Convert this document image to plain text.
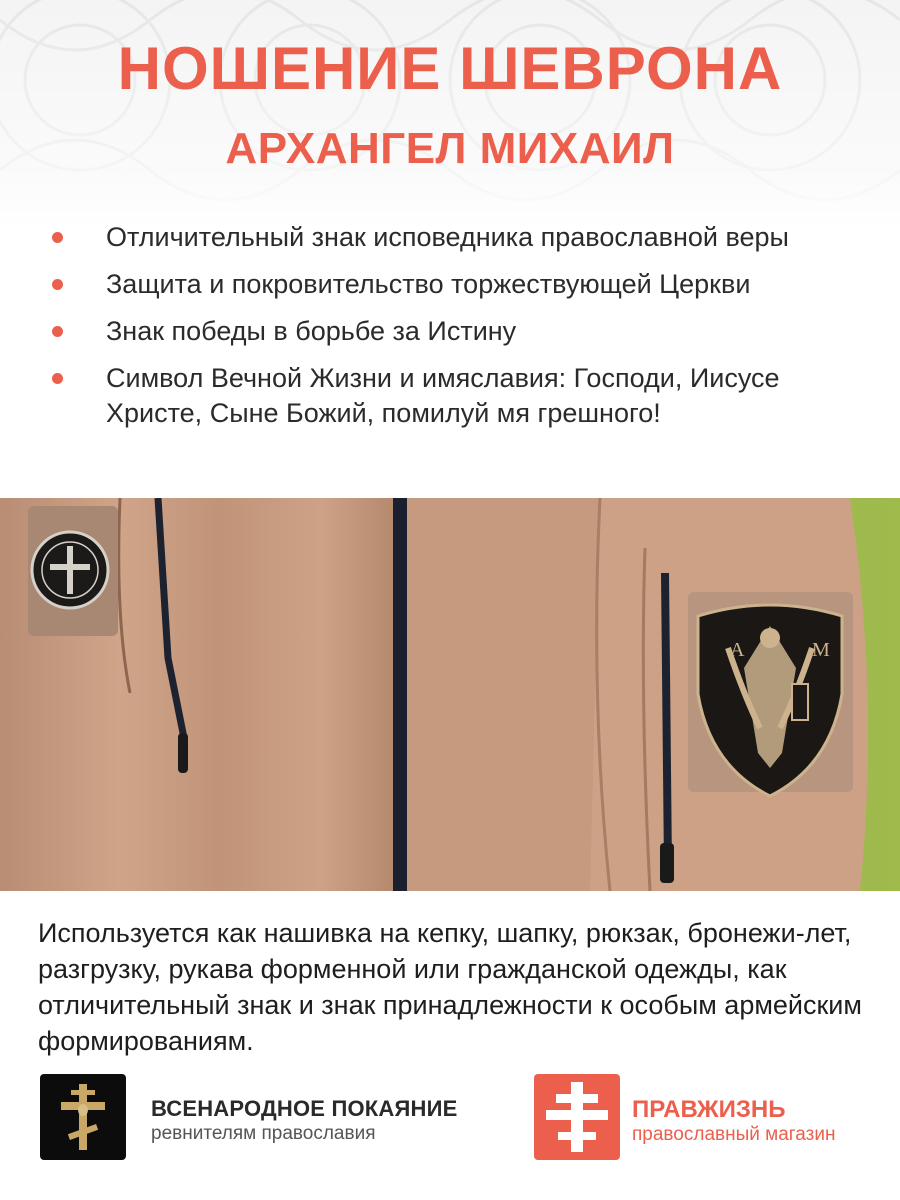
НОШЕНИЕ ШЕВРОНА
АРХАНГЕЛ МИХАИЛ
Отличительный знак исповедника православной веры
Защита и покровительство торжествующей Церкви
Знак победы в борьбе за Истину
Символ Вечной Жизни и имяславия: Господи, Иисусе Христе, Сыне Божий, помилуй мя грешного!
А	М

Используется как нашивка на кепку, шапку, рюкзак, бронежи-лет, разгрузку, рукава форменной или гражданской одежды, как отличительный знак и знак принадлежности к особым армейским формированиям.

ВСЕНАРОДНОЕ ПОКАЯНИЕ
ревнителям православия
ПРАВЖИЗНЬ
православный магазин
